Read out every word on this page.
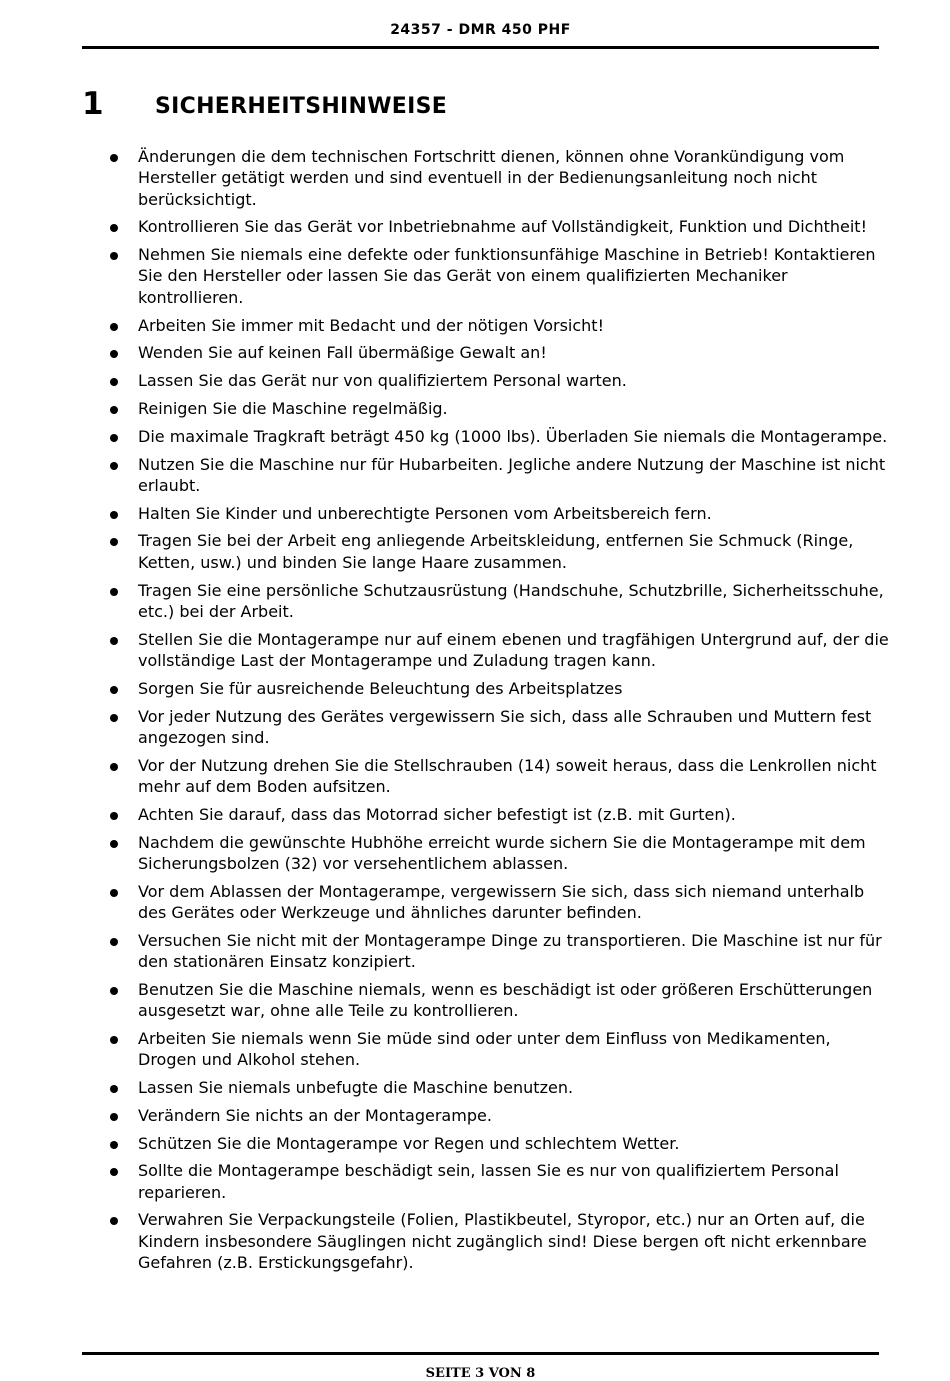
24357 - DMR 450 PHF
1 SICHERHEITSHINWEISE
Änderungen die dem technischen Fortschritt dienen, können ohne Vorankündigung vom Hersteller getätigt werden und sind eventuell in der Bedienungsanleitung noch nicht berücksichtigt.
Kontrollieren Sie das Gerät vor Inbetriebnahme auf Vollständigkeit, Funktion und Dichtheit!
Nehmen Sie niemals eine defekte oder funktionsunfähige Maschine in Betrieb! Kontaktieren Sie den Hersteller oder lassen Sie das Gerät von einem qualifizierten Mechaniker kontrollieren.
Arbeiten Sie immer mit Bedacht und der nötigen Vorsicht!
Wenden Sie auf keinen Fall übermäßige Gewalt an!
Lassen Sie das Gerät nur von qualifiziertem Personal warten.
Reinigen Sie die Maschine regelmäßig.
Die maximale Tragkraft beträgt 450 kg (1000 lbs). Überladen Sie niemals die Montagerampe.
Nutzen Sie die Maschine nur für Hubarbeiten. Jegliche andere Nutzung der Maschine ist nicht erlaubt.
Halten Sie Kinder und unberechtigte Personen vom Arbeitsbereich fern.
Tragen Sie bei der Arbeit eng anliegende Arbeitskleidung, entfernen Sie Schmuck (Ringe, Ketten, usw.) und binden Sie lange Haare zusammen.
Tragen Sie eine persönliche Schutzausrüstung (Handschuhe, Schutzbrille, Sicherheitsschuhe, etc.) bei der Arbeit.
Stellen Sie die Montagerampe nur auf einem ebenen und tragfähigen Untergrund auf, der die vollständige Last der Montagerampe und Zuladung tragen kann.
Sorgen Sie für ausreichende Beleuchtung des Arbeitsplatzes
Vor jeder Nutzung des Gerätes vergewissern Sie sich, dass alle Schrauben und Muttern fest angezogen sind.
Vor der Nutzung drehen Sie die Stellschrauben (14) soweit heraus, dass die Lenkrollen nicht mehr auf dem Boden aufsitzen.
Achten Sie darauf, dass das Motorrad sicher befestigt ist (z.B. mit Gurten).
Nachdem die gewünschte Hubhöhe erreicht wurde sichern Sie die Montagerampe mit dem Sicherungsbolzen (32) vor versehentlichem ablassen.
Vor dem Ablassen der Montagerampe, vergewissern Sie sich, dass sich niemand unterhalb des Gerätes oder Werkzeuge und ähnliches darunter befinden.
Versuchen Sie nicht mit der Montagerampe Dinge zu transportieren. Die Maschine ist nur für den stationären Einsatz konzipiert.
Benutzen Sie die Maschine niemals, wenn es beschädigt ist oder größeren Erschütterungen ausgesetzt war, ohne alle Teile zu kontrollieren.
Arbeiten Sie niemals wenn Sie müde sind oder unter dem Einfluss von Medikamenten, Drogen und Alkohol stehen.
Lassen Sie niemals unbefugte die Maschine benutzen.
Verändern Sie nichts an der Montagerampe.
Schützen Sie die Montagerampe vor Regen und schlechtem Wetter.
Sollte die Montagerampe beschädigt sein, lassen Sie es nur von qualifiziertem Personal reparieren.
Verwahren Sie Verpackungsteile (Folien, Plastikbeutel, Styropor, etc.) nur an Orten auf, die Kindern insbesondere Säuglingen nicht zugänglich sind! Diese bergen oft nicht erkennbare Gefahren (z.B. Erstickungsgefahr).
SEITE 3 VON 8
